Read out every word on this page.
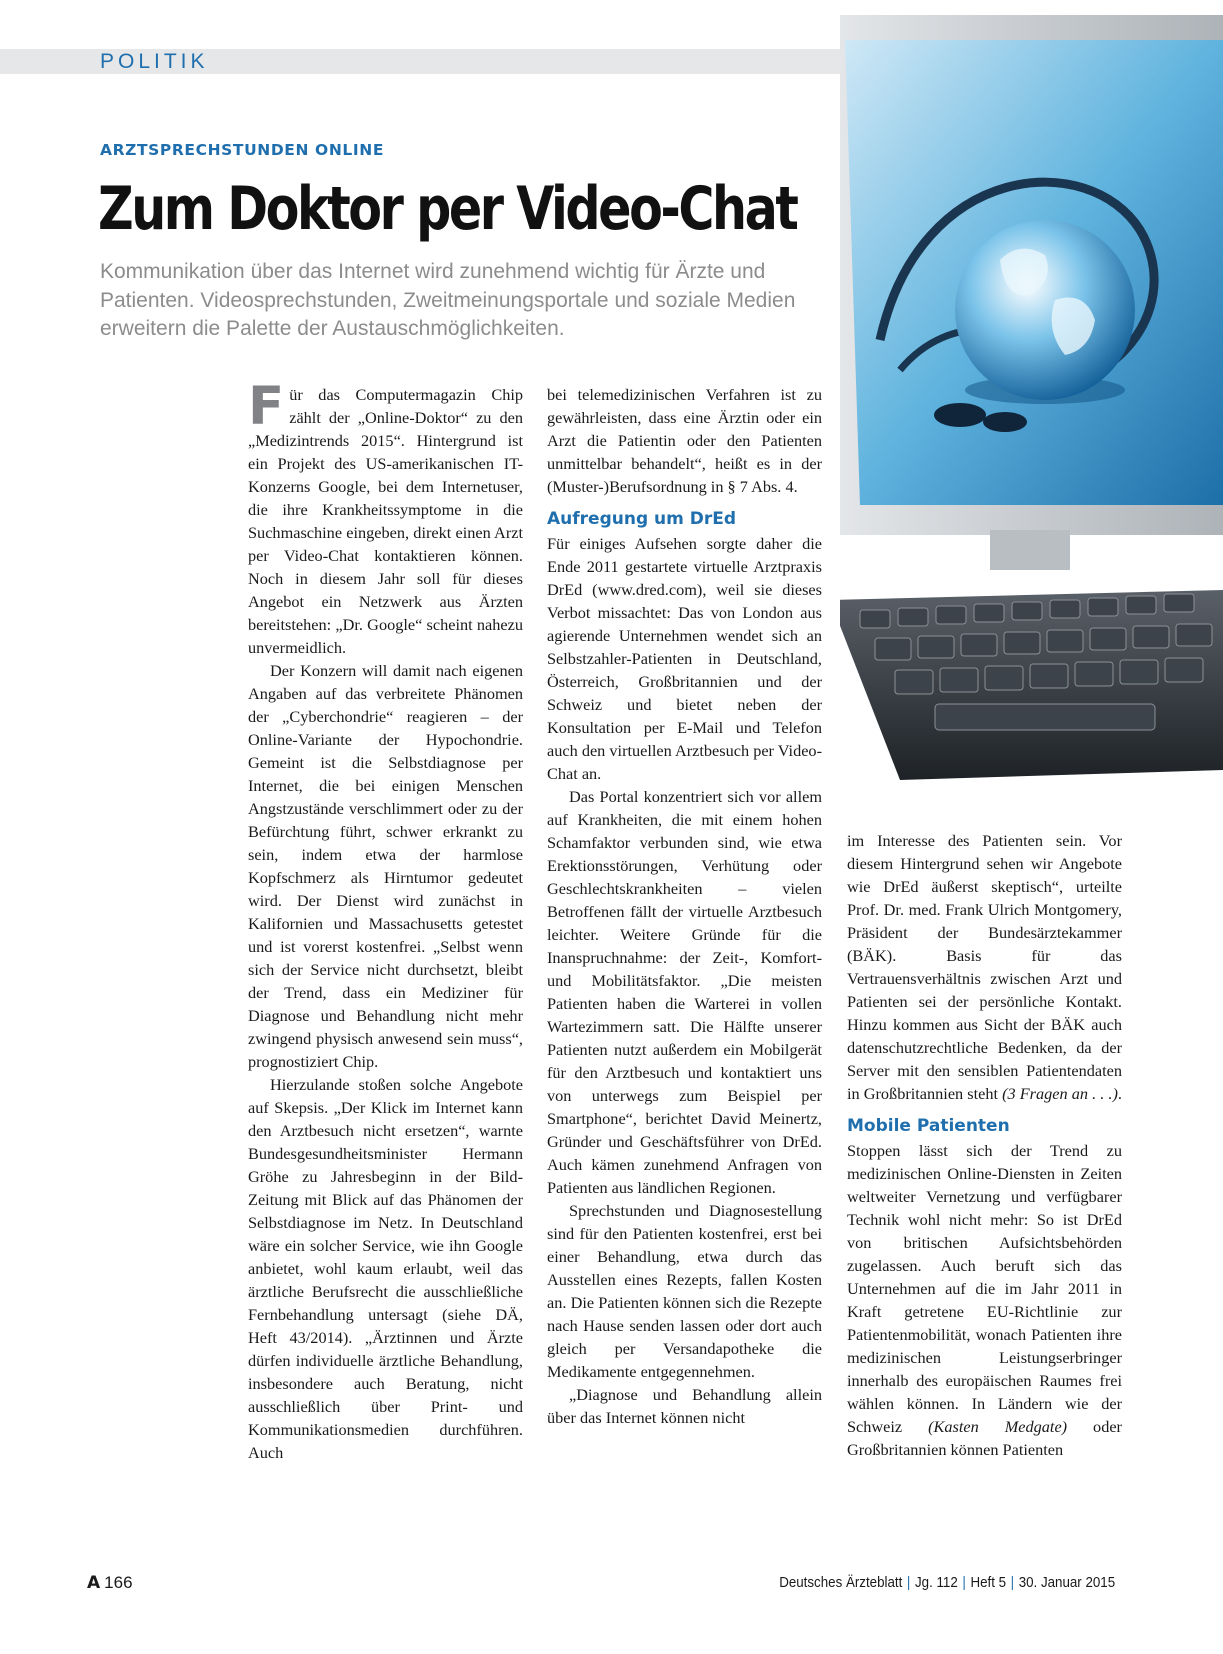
POLITIK
ARZTSPRECHSTUNDEN ONLINE
Zum Doktor per Video-Chat

Kommunikation über das Internet wird zunehmend wichtig für Ärzte und Patienten. Videosprechstunden, Zweitmeinungsportale und soziale Medien erweitern die Palette der Austauschmöglichkeiten.

Für das Computermagazin Chip zählt der „Online-Doktor“ zu den „Medizintrends 2015“. Hintergrund ist ein Projekt des US-amerikanischen IT-Konzerns Google, bei dem Internetuser, die ihre Krankheitssymptome in die Suchmaschine eingeben, direkt einen Arzt per Video-Chat kontaktieren können. Noch in diesem Jahr soll für dieses Angebot ein Netzwerk aus Ärzten bereitstehen: „Dr. Google“ scheint nahezu unvermeidlich.

Der Konzern will damit nach eigenen Angaben auf das verbreitete Phänomen der „Cyberchondrie“ reagieren – der Online-Variante der Hypochondrie. Gemeint ist die Selbstdiagnose per Internet, die bei einigen Menschen Angstzustände verschlimmert oder zu der Befürchtung führt, schwer erkrankt zu sein, indem etwa der harmlose Kopfschmerz als Hirntumor gedeutet wird. Der Dienst wird zunächst in Kalifornien und Massachusetts getestet und ist vorerst kostenfrei. „Selbst wenn sich der Service nicht durchsetzt, bleibt der Trend, dass ein Mediziner für Diagnose und Behandlung nicht mehr zwingend physisch anwesend sein muss“, prognostiziert Chip.

Hierzulande stoßen solche Angebote auf Skepsis. „Der Klick im Internet kann den Arztbesuch nicht ersetzen“, warnte Bundesgesundheitsminister Hermann Gröhe zu Jahresbeginn in der Bild-Zeitung mit Blick auf das Phänomen der Selbstdiagnose im Netz. In Deutschland wäre ein solcher Service, wie ihn Google anbietet, wohl kaum erlaubt, weil das ärztliche Berufsrecht die ausschließliche Fernbehandlung untersagt (siehe DÄ, Heft 43/2014). „Ärztinnen und Ärzte dürfen individuelle ärztliche Behandlung, insbesondere auch Beratung, nicht ausschließlich über Print- und Kommunikationsmedien durchführen. Auch

bei telemedizinischen Verfahren ist zu gewährleisten, dass eine Ärztin oder ein Arzt die Patientin oder den Patienten unmittelbar behandelt“, heißt es in der (Muster-)Berufsordnung in § 7 Abs. 4.

Aufregung um DrEd

Für einiges Aufsehen sorgte daher die Ende 2011 gestartete virtuelle Arztpraxis DrEd (www.dred.com), weil sie dieses Verbot missachtet: Das von London aus agierende Unternehmen wendet sich an Selbstzahler-Patienten in Deutschland, Österreich, Großbritannien und der Schweiz und bietet neben der Konsultation per E-Mail und Telefon auch den virtuellen Arztbesuch per Video-Chat an.

Das Portal konzentriert sich vor allem auf Krankheiten, die mit einem hohen Schamfaktor verbunden sind, wie etwa Erektionsstörungen, Verhütung oder Geschlechtskrankheiten – vielen Betroffenen fällt der virtuelle Arztbesuch leichter. Weitere Gründe für die Inanspruchnahme: der Zeit-, Komfort- und Mobilitätsfaktor. „Die meisten Patienten haben die Warterei in vollen Wartezimmern satt. Die Hälfte unserer Patienten nutzt außerdem ein Mobilgerät für den Arztbesuch und kontaktiert uns von unterwegs zum Beispiel per Smartphone“, berichtet David Meinertz, Gründer und Geschäftsführer von DrEd. Auch kämen zunehmend Anfragen von Patienten aus ländlichen Regionen.

Sprechstunden und Diagnosestellung sind für den Patienten kostenfrei, erst bei einer Behandlung, etwa durch das Ausstellen eines Rezepts, fallen Kosten an. Die Patienten können sich die Rezepte nach Hause senden lassen oder dort auch gleich per Versandapotheke die Medikamente entgegennehmen.

„Diagnose und Behandlung allein über das Internet können nicht

im Interesse des Patienten sein. Vor diesem Hintergrund sehen wir Angebote wie DrEd äußerst skeptisch“, urteilte Prof. Dr. med. Frank Ulrich Montgomery, Präsident der Bundesärztekammer (BÄK). Basis für das Vertrauensverhältnis zwischen Arzt und Patienten sei der persönliche Kontakt. Hinzu kommen aus Sicht der BÄK auch datenschutzrechtliche Bedenken, da der Server mit den sensiblen Patientendaten in Großbritannien steht (3 Fragen an . . .).

Mobile Patienten

Stoppen lässt sich der Trend zu medizinischen Online-Diensten in Zeiten weltweiter Vernetzung und verfügbarer Technik wohl nicht mehr: So ist DrEd von britischen Aufsichtsbehörden zugelassen. Auch beruft sich das Unternehmen auf die im Jahr 2011 in Kraft getretene EU-Richtlinie zur Patientenmobilität, wonach Patienten ihre medizinischen Leistungserbringer innerhalb des europäischen Raumes frei wählen können. In Ländern wie der Schweiz (Kasten Medgate) oder Großbritannien können Patienten

A 166	Deutsches Ärzteblatt | Jg. 112 | Heft 5 | 30. Januar 2015
